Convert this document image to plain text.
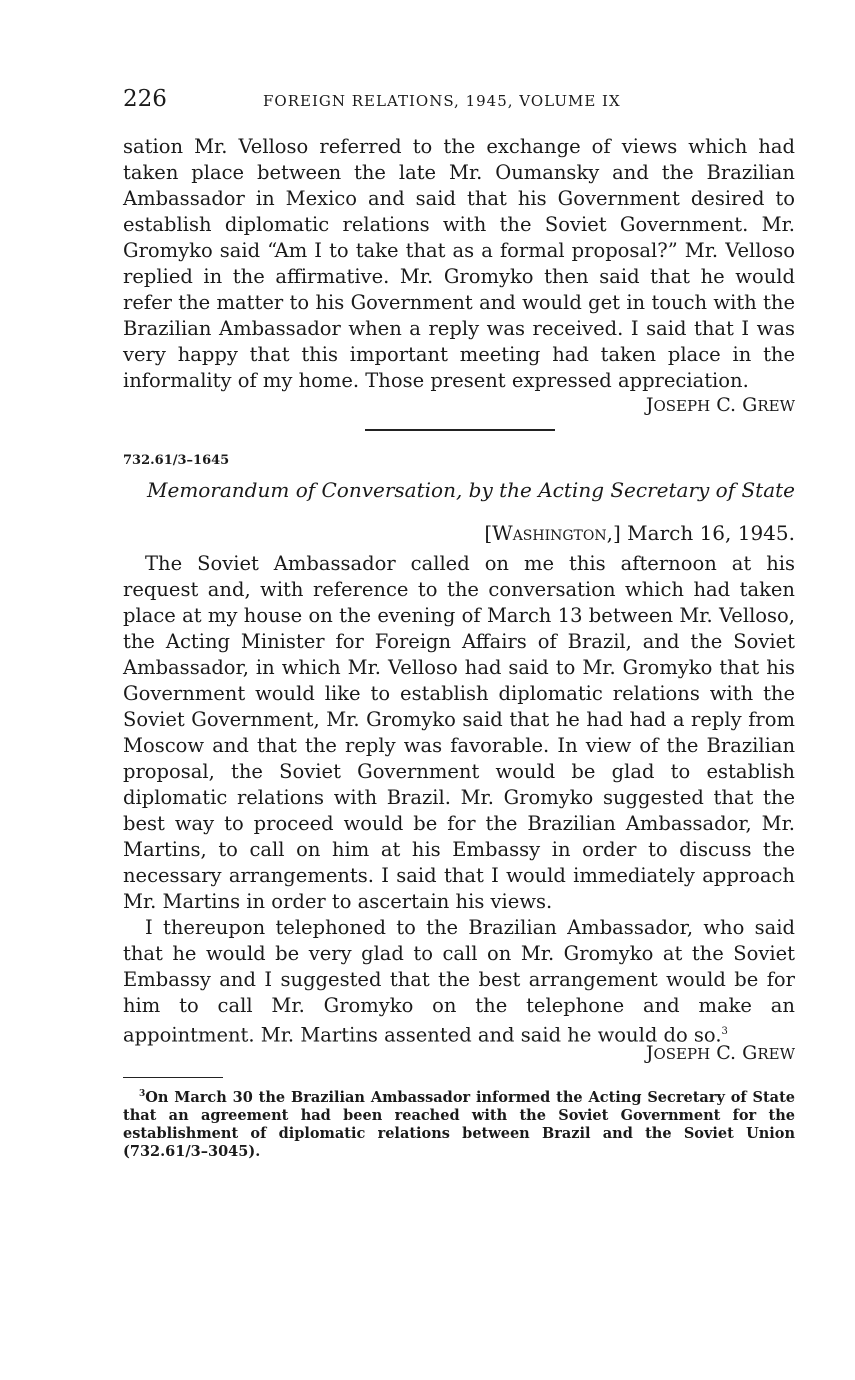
226	FOREIGN RELATIONS, 1945, VOLUME IX

sation Mr. Velloso referred to the exchange of views which had taken place between the late Mr. Oumansky and the Brazilian Ambassador in Mexico and said that his Government desired to establish diplomatic relations with the Soviet Government. Mr. Gromyko said “Am I to take that as a formal proposal?” Mr. Velloso replied in the affirmative. Mr. Gromyko then said that he would refer the matter to his Government and would get in touch with the Brazilian Ambassador when a reply was received. I said that I was very happy that this important meeting had taken place in the informality of my home. Those present expressed appreciation.

JOSEPH C. GREW
732.61/3–1645
Memorandum of Conversation, by the Acting Secretary of State
[WASHINGTON,] March 16, 1945.

The Soviet Ambassador called on me this afternoon at his request and, with reference to the conversation which had taken place at my house on the evening of March 13 between Mr. Velloso, the Acting Minister for Foreign Affairs of Brazil, and the Soviet Ambassador, in which Mr. Velloso had said to Mr. Gromyko that his Government would like to establish diplomatic relations with the Soviet Government, Mr. Gromyko said that he had had a reply from Moscow and that the reply was favorable. In view of the Brazilian proposal, the Soviet Government would be glad to establish diplomatic relations with Brazil. Mr. Gromyko suggested that the best way to proceed would be for the Brazilian Ambassador, Mr. Martins, to call on him at his Embassy in order to discuss the necessary arrangements. I said that I would immediately approach Mr. Martins in order to ascertain his views.

I thereupon telephoned to the Brazilian Ambassador, who said that he would be very glad to call on Mr. Gromyko at the Soviet Embassy and I suggested that the best arrangement would be for him to call Mr. Gromyko on the telephone and make an appointment. Mr. Martins assented and said he would do so.$^3$

JOSEPH C. GREW

$^3$On March 30 the Brazilian Ambassador informed the Acting Secretary of State that an agreement had been reached with the Soviet Government for the establishment of diplomatic relations between Brazil and the Soviet Union (732.61/3–3045).
